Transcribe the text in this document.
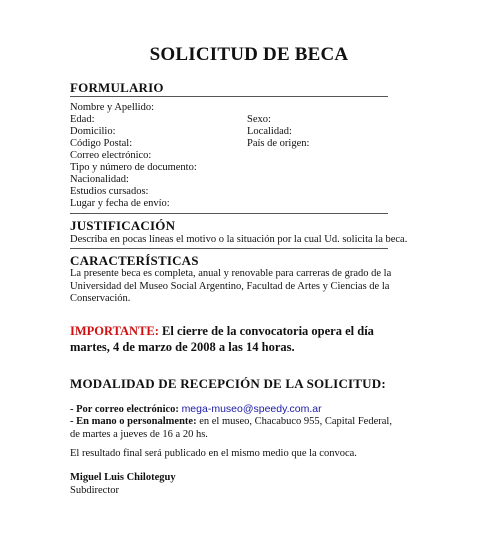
SOLICITUD DE BECA
FORMULARIO
Nombre y Apellido:
Edad:
Domicilio:
Código Postal:
Correo electrónico:
Tipo y número de documento:
Nacionalidad:
Estudios cursados:
Lugar y fecha de envío:
Sexo:
Localidad:
País de origen:
JUSTIFICACIÓN
Describa en pocas líneas el motivo o la situación por la cual Ud. solicita la beca.
CARACTERÍSTICAS
La presente beca es completa, anual y renovable para carreras de grado de la Universidad del Museo Social Argentino, Facultad de Artes y Ciencias de la Conservación.
IMPORTANTE: El cierre de la convocatoria opera el día martes, 4 de marzo de 2008 a las 14 horas.
MODALIDAD DE RECEPCIÓN DE LA SOLICITUD:
- Por correo electrónico: mega-museo@speedy.com.ar
- En mano o personalmente: en el museo, Chacabuco 955, Capital Federal, de martes a jueves de 16 a 20 hs.
El resultado final será publicado en el mismo medio que la convoca.
Miguel Luis Chiloteguy
Subdirector
